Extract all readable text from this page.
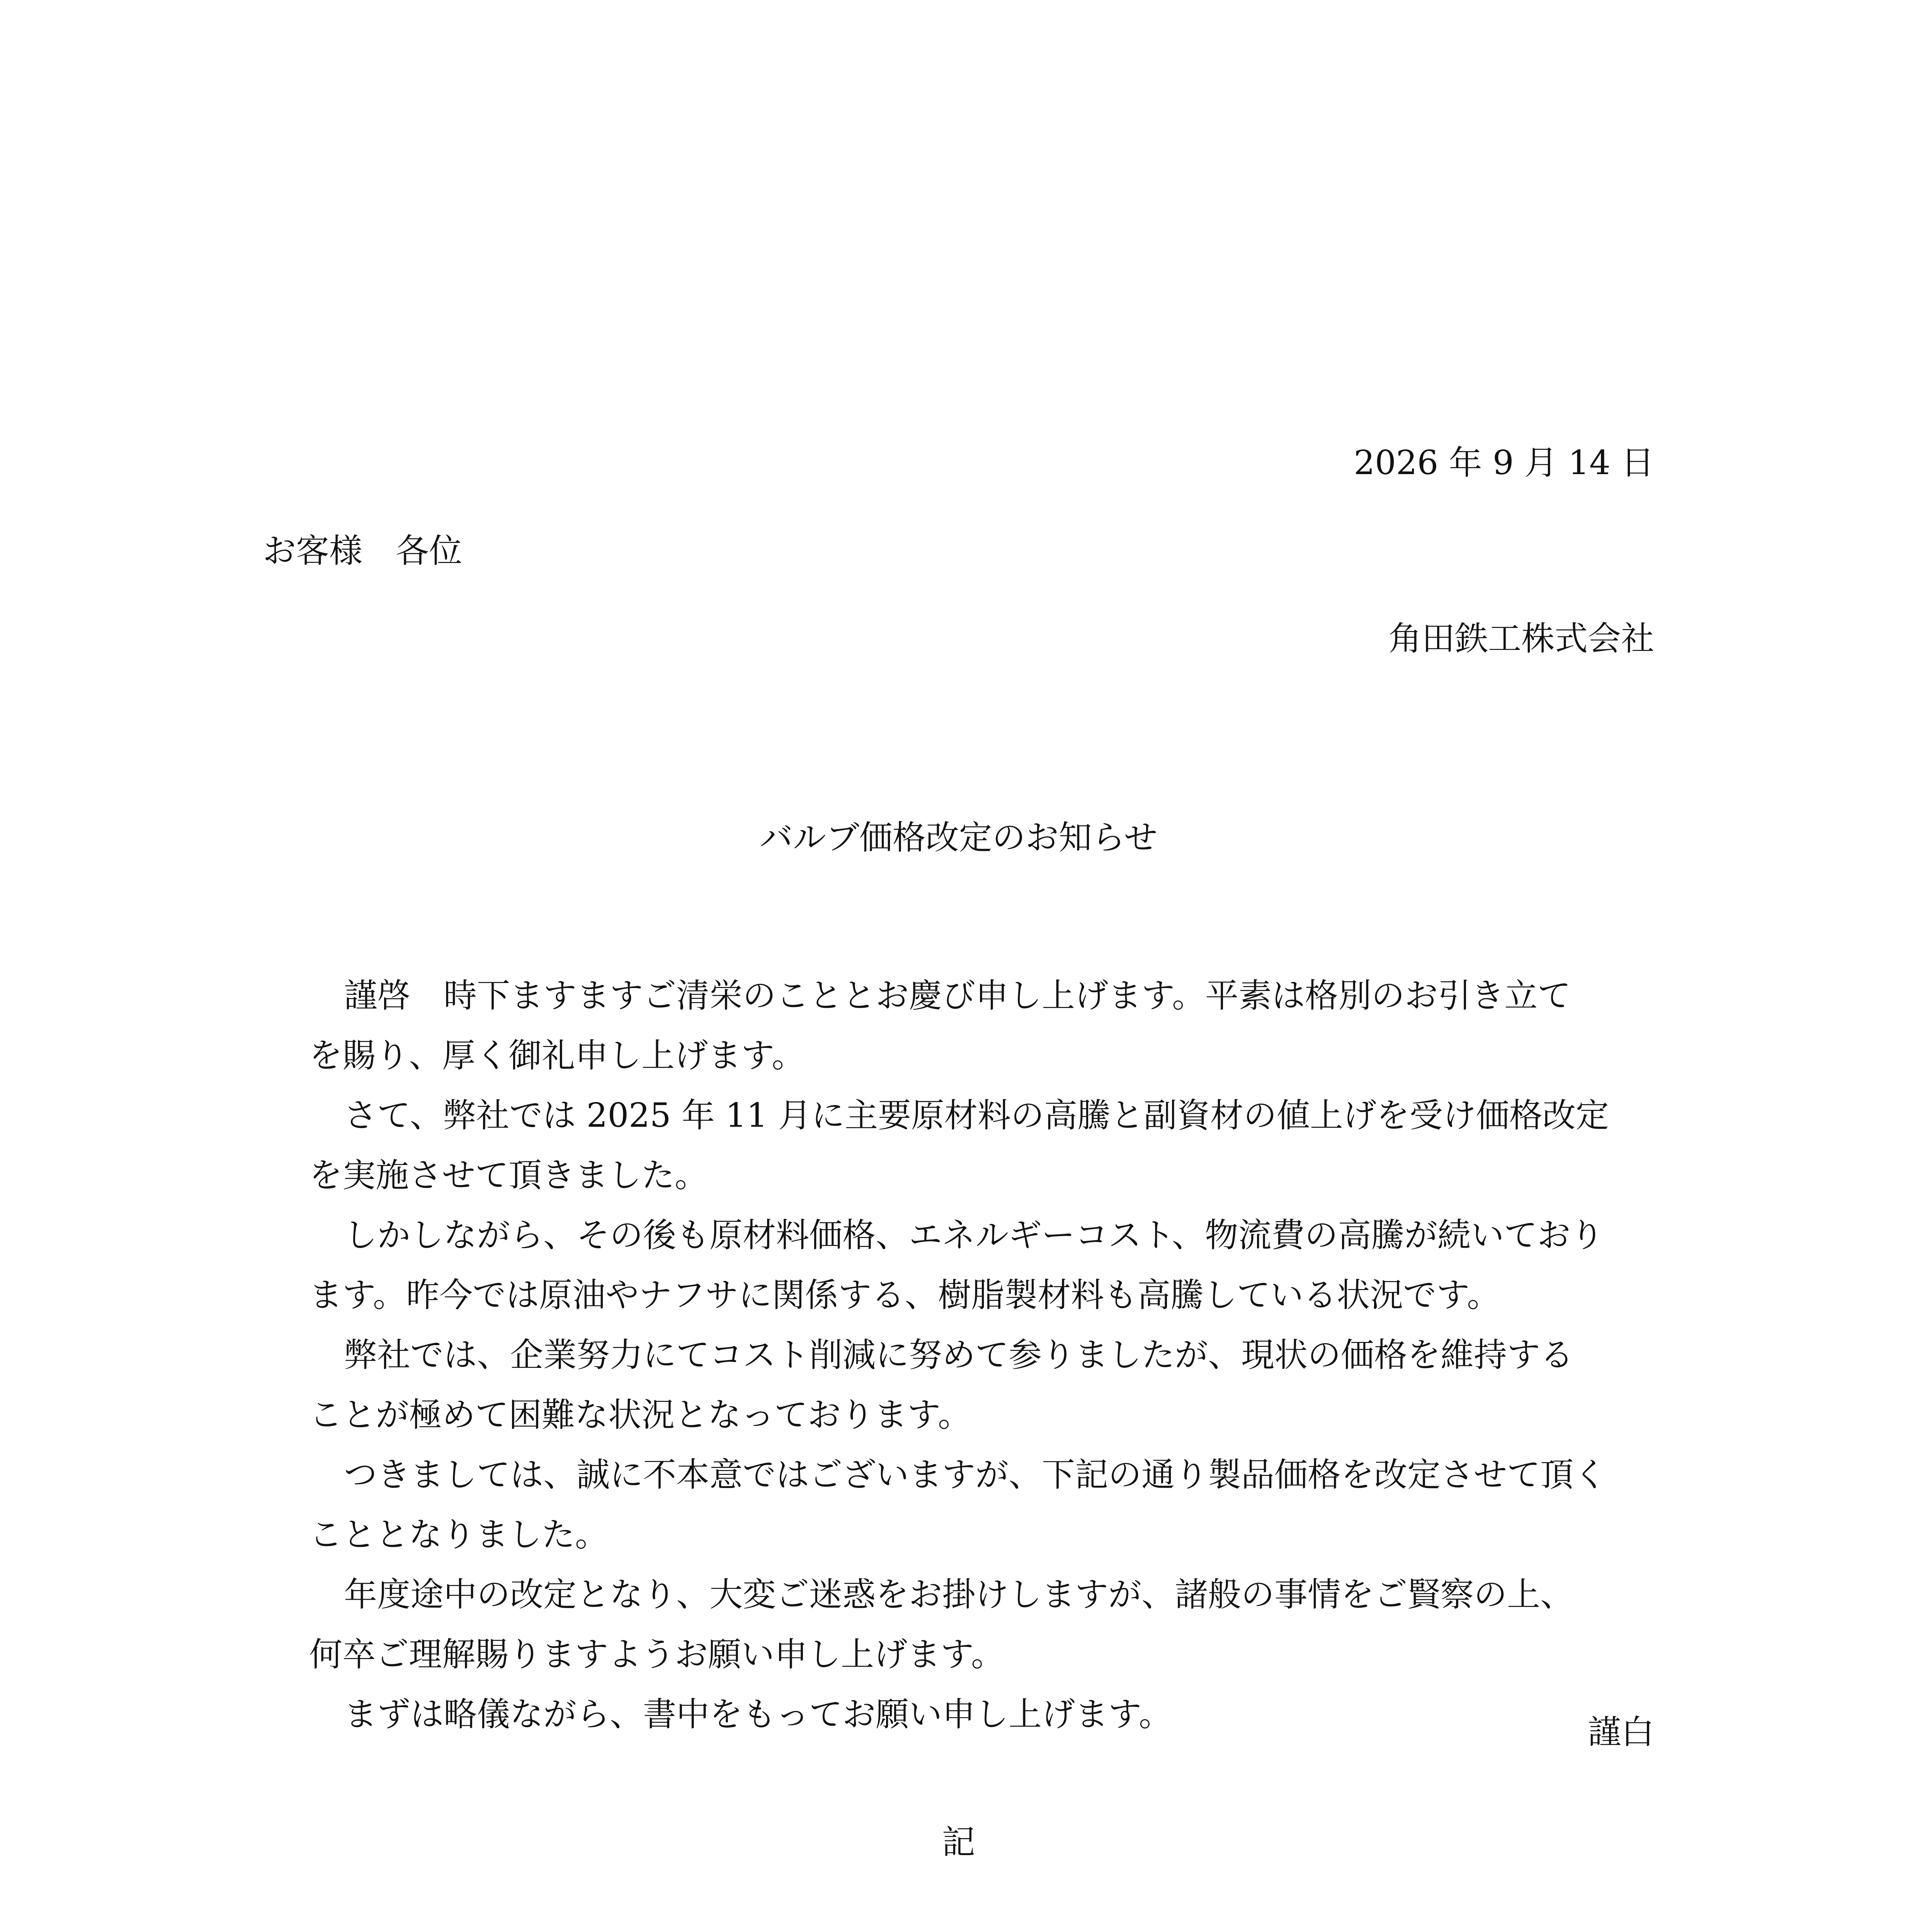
2026 年 9 月 14 日

お客様　各位

角田鉄工株式会社

バルブ価格改定のお知らせ

謹啓　時下ますますご清栄のこととお慶び申し上げます。平素は格別のお引き立て
を賜り、厚く御礼申し上げます。
さて、弊社では 2025 年 11 月に主要原材料の高騰と副資材の値上げを受け価格改定
を実施させて頂きました。
しかしながら、その後も原材料価格、エネルギーコスト、物流費の高騰が続いており
ます。昨今では原油やナフサに関係する、樹脂製材料も高騰している状況です。
弊社では、企業努力にてコスト削減に努めて参りましたが、現状の価格を維持する
ことが極めて困難な状況となっております。
つきましては、誠に不本意ではございますが、下記の通り製品価格を改定させて頂く
こととなりました。
年度途中の改定となり、大変ご迷惑をお掛けしますが、諸般の事情をご賢察の上、
何卒ご理解賜りますようお願い申し上げます。
まずは略儀ながら、書中をもってお願い申し上げます。	謹白

記
